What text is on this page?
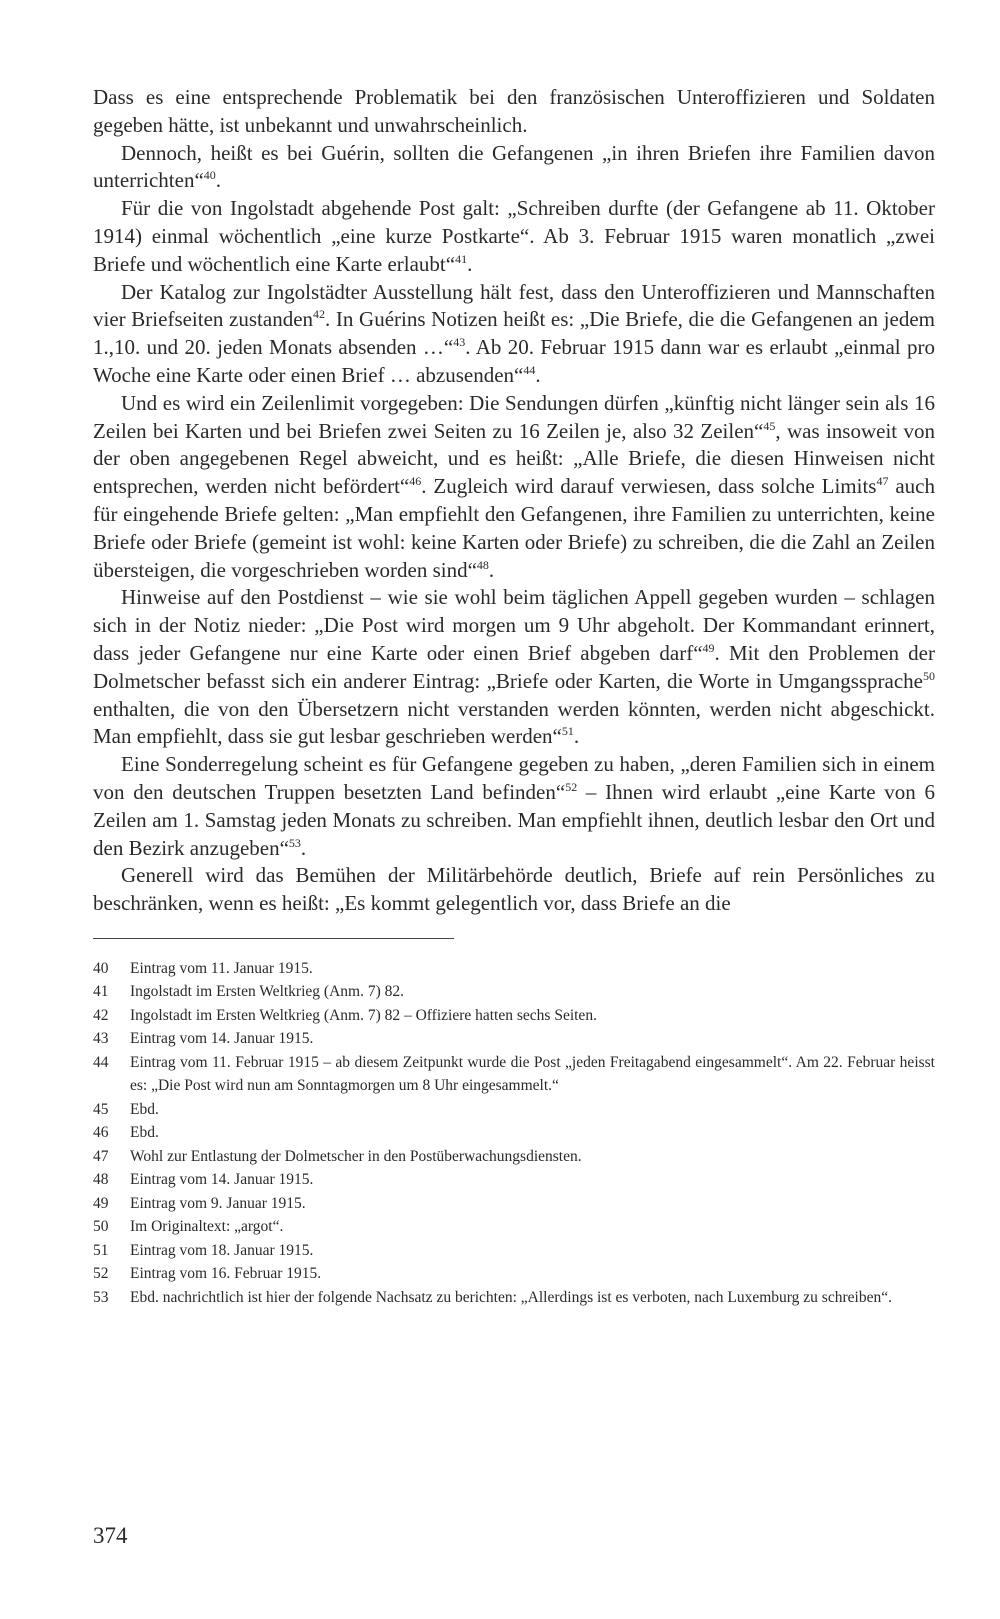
Dass es eine entsprechende Problematik bei den französischen Unteroffizieren und Soldaten gegeben hätte, ist unbekannt und unwahrscheinlich.

Dennoch, heißt es bei Guérin, sollten die Gefangenen „in ihren Briefen ihre Familien davon unterrichten“$^{40}$.

Für die von Ingolstadt abgehende Post galt: „Schreiben durfte (der Gefangene ab 11. Oktober 1914) einmal wöchentlich „eine kurze Postkarte“. Ab 3. Februar 1915 waren monatlich „zwei Briefe und wöchentlich eine Karte erlaubt“$^{41}$.

Der Katalog zur Ingolstädter Ausstellung hält fest, dass den Unteroffizieren und Mannschaften vier Briefseiten zustanden$^{42}$. In Guérins Notizen heißt es: „Die Briefe, die die Gefangenen an jedem 1.,10. und 20. jeden Monats absenden …“$^{43}$. Ab 20. Februar 1915 dann war es erlaubt „einmal pro Woche eine Karte oder einen Brief … abzusenden“$^{44}$.

Und es wird ein Zeilenlimit vorgegeben: Die Sendungen dürfen „künftig nicht länger sein als 16 Zeilen bei Karten und bei Briefen zwei Seiten zu 16 Zeilen je, also 32 Zeilen“$^{45}$, was insoweit von der oben angegebenen Regel abweicht, und es heißt: „Alle Briefe, die diesen Hinweisen nicht entsprechen, werden nicht befördert“$^{46}$. Zugleich wird darauf verwiesen, dass solche Limits$^{47}$ auch für eingehende Briefe gelten: „Man empfiehlt den Gefangenen, ihre Familien zu unterrichten, keine Briefe oder Briefe (gemeint ist wohl: keine Karten oder Briefe) zu schreiben, die die Zahl an Zeilen übersteigen, die vorgeschrieben worden sind“$^{48}$.

Hinweise auf den Postdienst – wie sie wohl beim täglichen Appell gegeben wurden – schlagen sich in der Notiz nieder: „Die Post wird morgen um 9 Uhr abgeholt. Der Kommandant erinnert, dass jeder Gefangene nur eine Karte oder einen Brief abgeben darf“$^{49}$. Mit den Problemen der Dolmetscher befasst sich ein anderer Eintrag: „Briefe oder Karten, die Worte in Umgangssprache$^{50}$ enthalten, die von den Übersetzern nicht verstanden werden könnten, werden nicht abgeschickt. Man empfiehlt, dass sie gut lesbar geschrieben werden“$^{51}$.

Eine Sonderregelung scheint es für Gefangene gegeben zu haben, „deren Familien sich in einem von den deutschen Truppen besetzten Land befinden“$^{52}$ – Ihnen wird erlaubt „eine Karte von 6 Zeilen am 1. Samstag jeden Monats zu schreiben. Man empfiehlt ihnen, deutlich lesbar den Ort und den Bezirk anzugeben“$^{53}$.

Generell wird das Bemühen der Militärbehörde deutlich, Briefe auf rein Persönliches zu beschränken, wenn es heißt: „Es kommt gelegentlich vor, dass Briefe an die

40	Eintrag vom 11. Januar 1915.
41	Ingolstadt im Ersten Weltkrieg (Anm. 7) 82.
42	Ingolstadt im Ersten Weltkrieg (Anm. 7) 82 – Offiziere hatten sechs Seiten.
43	Eintrag vom 14. Januar 1915.
44	Eintrag vom 11. Februar 1915 – ab diesem Zeitpunkt wurde die Post „jeden Freitagabend eingesammelt“. Am 22. Februar heisst es: „Die Post wird nun am Sonntagmorgen um 8 Uhr eingesammelt.“
45	Ebd.
46	Ebd.
47	Wohl zur Entlastung der Dolmetscher in den Postüberwachungsdiensten.
48	Eintrag vom 14. Januar 1915.
49	Eintrag vom 9. Januar 1915.
50	Im Originaltext: „argot“.
51	Eintrag vom 18. Januar 1915.
52	Eintrag vom 16. Februar 1915.
53	Ebd. nachrichtlich ist hier der folgende Nachsatz zu berichten: „Allerdings ist es verboten, nach Luxemburg zu schreiben“.
374
